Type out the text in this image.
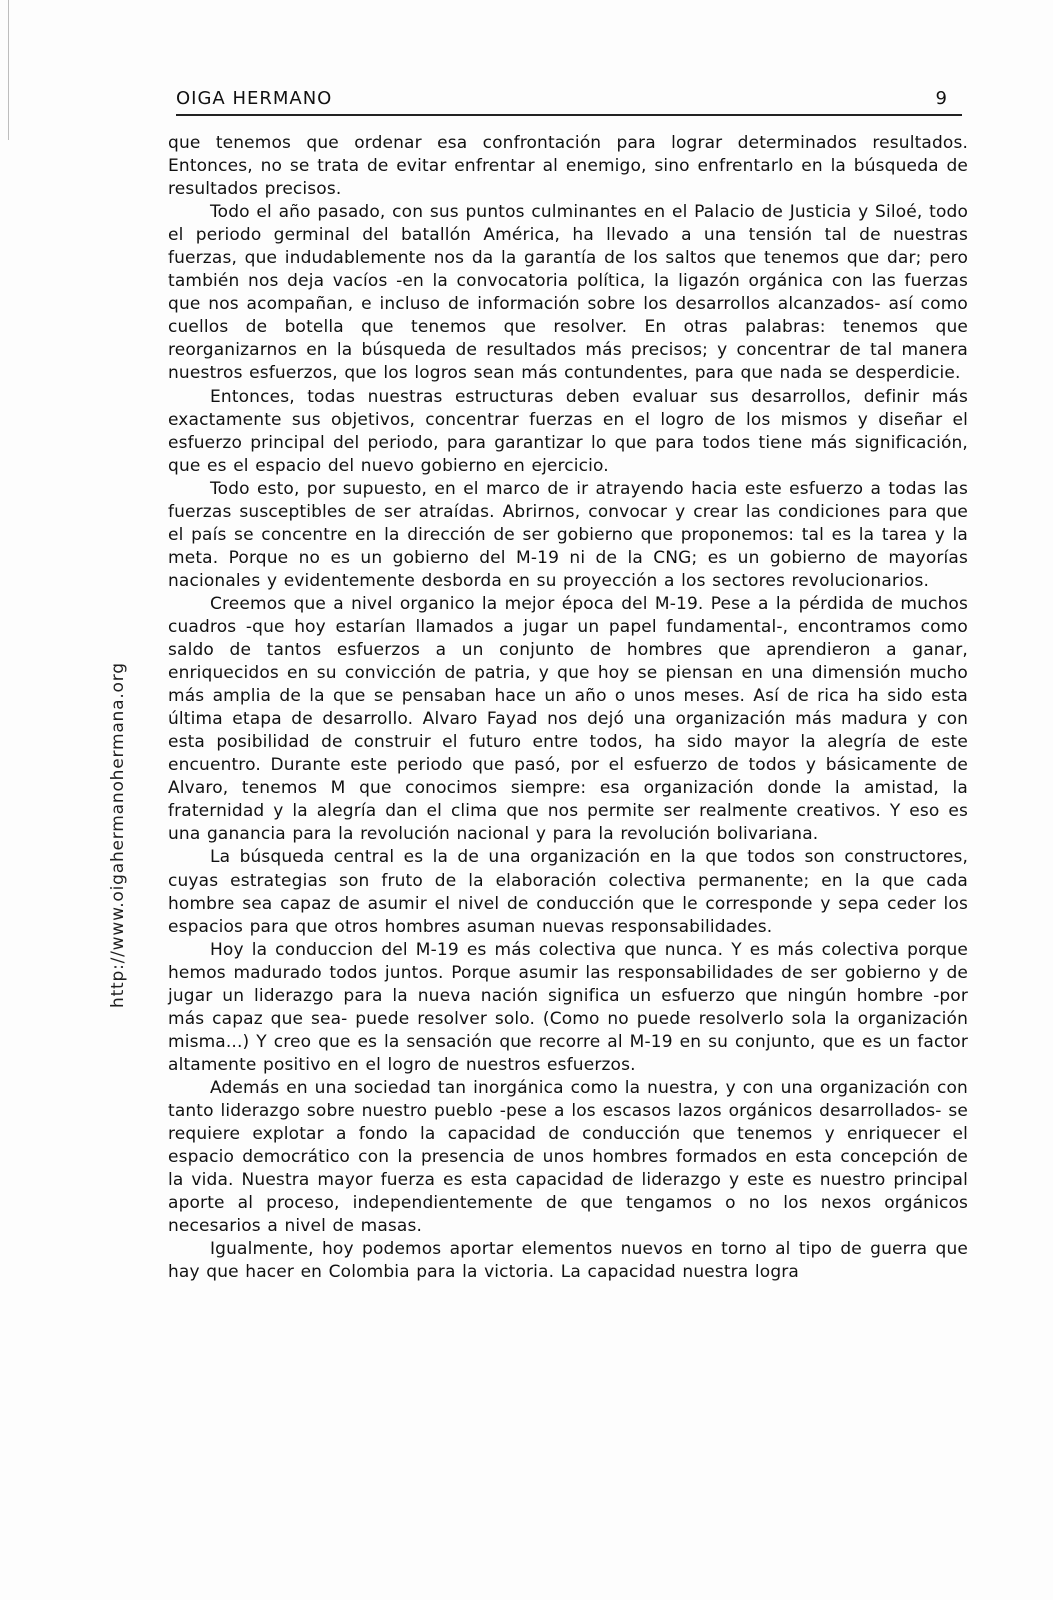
OIGA HERMANO	9
http://www.oigahermanohermana.org

que tenemos que ordenar esa confrontación para lograr determinados resultados. Entonces, no se trata de evitar enfrentar al enemigo, sino enfrentarlo en la búsqueda de resultados precisos.

Todo el año pasado, con sus puntos culminantes en el Palacio de Justicia y Siloé, todo el periodo germinal del batallón América, ha llevado a una tensión tal de nuestras fuerzas, que indudablemente nos da la garantía de los saltos que tenemos que dar; pero también nos deja vacíos -en la convocatoria política, la ligazón orgánica con las fuerzas que nos acompañan, e incluso de información sobre los desarrollos alcanzados- así como cuellos de botella que tenemos que resolver. En otras palabras: tenemos que reorganizarnos en la búsqueda de resultados más precisos; y concentrar de tal manera nuestros esfuerzos, que los logros sean más contundentes, para que nada se desperdicie.

Entonces, todas nuestras estructuras deben evaluar sus desarrollos, definir más exactamente sus objetivos, concentrar fuerzas en el logro de los mismos y diseñar el esfuerzo principal del periodo, para garantizar lo que para todos tiene más significación, que es el espacio del nuevo gobierno en ejercicio.

Todo esto, por supuesto, en el marco de ir atrayendo hacia este esfuerzo a todas las fuerzas susceptibles de ser atraídas. Abrirnos, convocar y crear las condiciones para que el país se concentre en la dirección de ser gobierno que proponemos: tal es la tarea y la meta. Porque no es un gobierno del M-19 ni de la CNG; es un gobierno de mayorías nacionales y evidentemente desborda en su proyección a los sectores revolucionarios.

Creemos que a nivel organico la mejor época del M-19. Pese a la pérdida de muchos cuadros -que hoy estarían llamados a jugar un papel fundamental-, encontramos como saldo de tantos esfuerzos a un conjunto de hombres que aprendieron a ganar, enriquecidos en su convicción de patria, y que hoy se piensan en una dimensión mucho más amplia de la que se pensaban hace un año o unos meses. Así de rica ha sido esta última etapa de desarrollo. Alvaro Fayad nos dejó una organización más madura y con esta posibilidad de construir el futuro entre todos, ha sido mayor la alegría de este encuentro. Durante este periodo que pasó, por el esfuerzo de todos y básicamente de Alvaro, tenemos M que conocimos siempre: esa organización donde la amistad, la fraternidad y la alegría dan el clima que nos permite ser realmente creativos. Y eso es una ganancia para la revolución nacional y para la revolución bolivariana.

La búsqueda central es la de una organización en la que todos son constructores, cuyas estrategias son fruto de la elaboración colectiva permanente; en la que cada hombre sea capaz de asumir el nivel de conducción que le corresponde y sepa ceder los espacios para que otros hombres asuman nuevas responsabilidades.

Hoy la conduccion del M-19 es más colectiva que nunca. Y es más colectiva porque hemos madurado todos juntos. Porque asumir las responsabilidades de ser gobierno y de jugar un liderazgo para la nueva nación significa un esfuerzo que ningún hombre -por más capaz que sea- puede resolver solo. (Como no puede resolverlo sola la organización misma...) Y creo que es la sensación que recorre al M-19 en su conjunto, que es un factor altamente positivo en el logro de nuestros esfuerzos.

Además en una sociedad tan inorgánica como la nuestra, y con una organización con tanto liderazgo sobre nuestro pueblo -pese a los escasos lazos orgánicos desarrollados- se requiere explotar a fondo la capacidad de conducción que tenemos y enriquecer el espacio democrático con la presencia de unos hombres formados en esta concepción de la vida. Nuestra mayor fuerza es esta capacidad de liderazgo y este es nuestro principal aporte al proceso, independientemente de que tengamos o no los nexos orgánicos necesarios a nivel de masas.

Igualmente, hoy podemos aportar elementos nuevos en torno al tipo de guerra que hay que hacer en Colombia para la victoria. La capacidad nuestra logra
